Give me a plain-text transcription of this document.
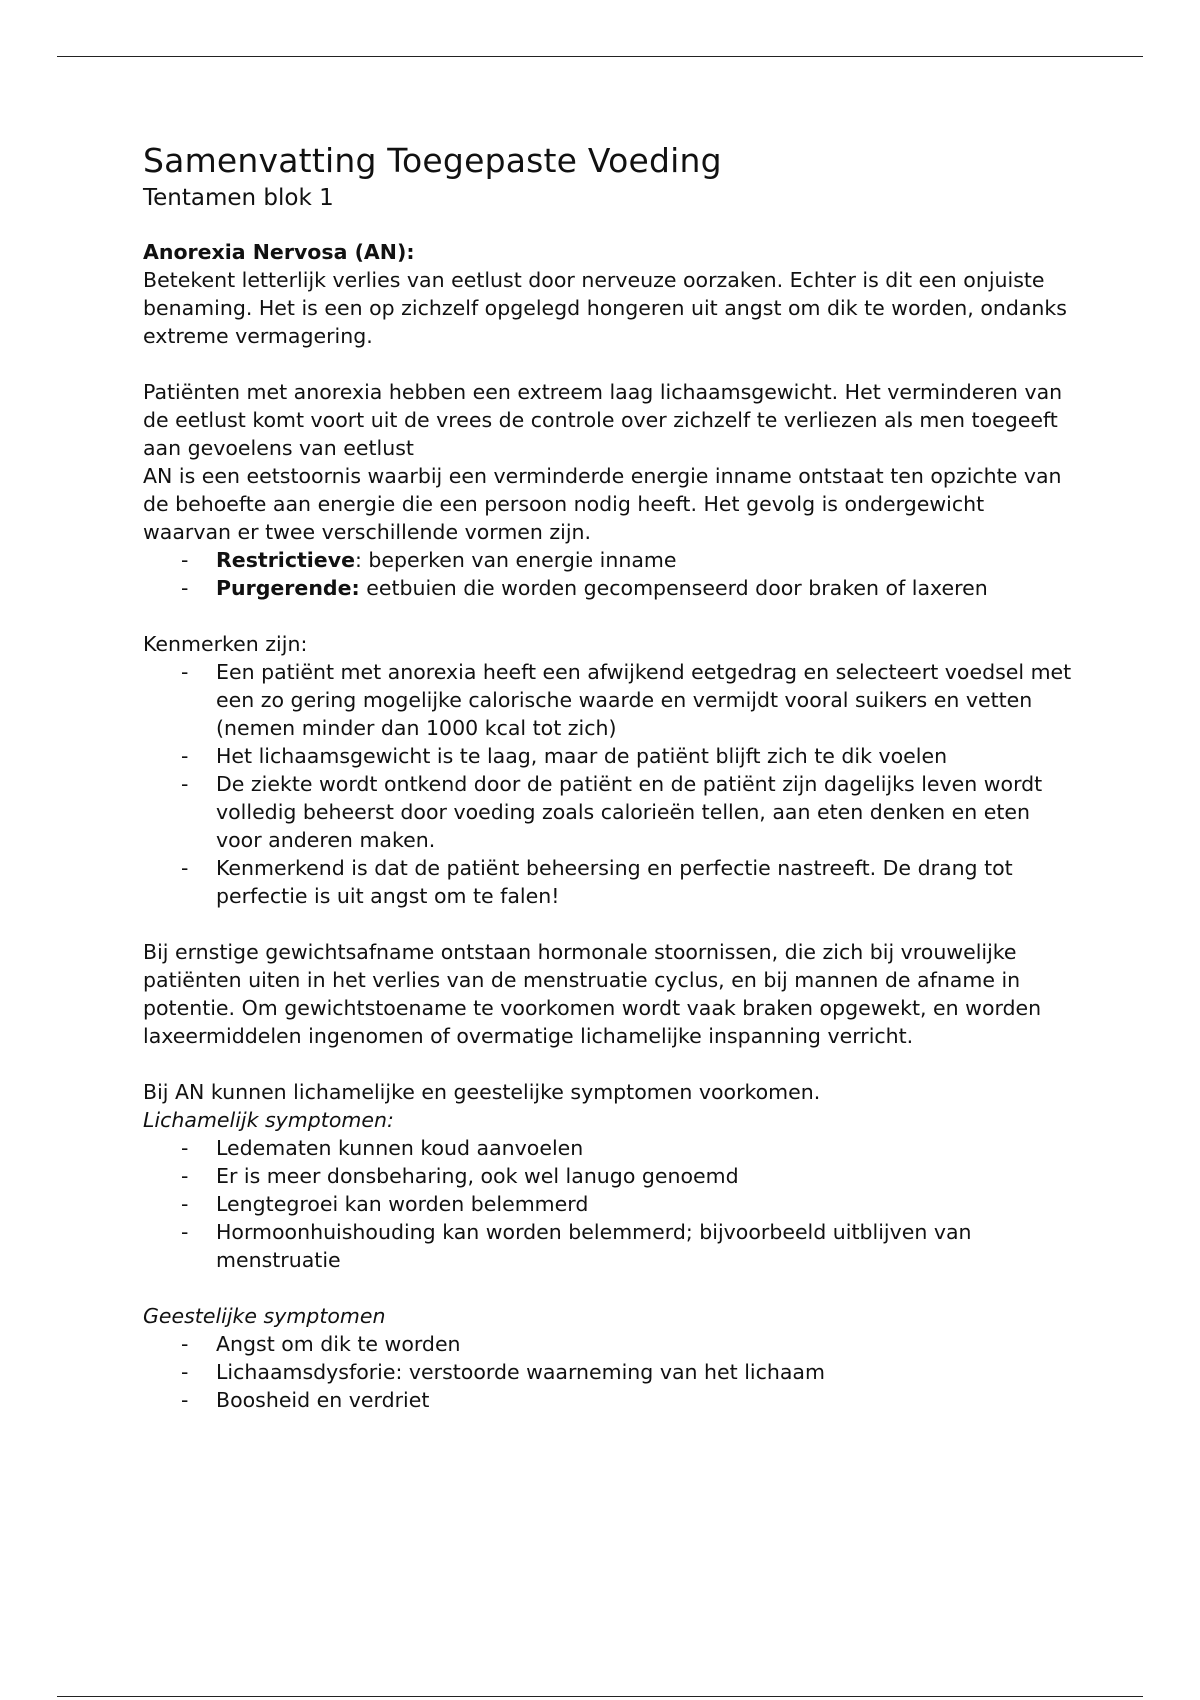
Samenvatting Toegepaste Voeding
Tentamen blok 1

Anorexia Nervosa (AN):

Betekent letterlijk verlies van eetlust door nerveuze oorzaken. Echter is dit een onjuiste benaming. Het is een op zichzelf opgelegd hongeren uit angst om dik te worden, ondanks extreme vermagering.

Patiënten met anorexia hebben een extreem laag lichaamsgewicht. Het verminderen van de eetlust komt voort uit de vrees de controle over zichzelf te verliezen als men toegeeft aan gevoelens van eetlust

AN is een eetstoornis waarbij een verminderde energie inname ontstaat ten opzichte van de behoefte aan energie die een persoon nodig heeft. Het gevolg is ondergewicht waarvan er twee verschillende vormen zijn.

- Restrictieve: beperken van energie inname
- Purgerende: eetbuien die worden gecompenseerd door braken of laxeren

Kenmerken zijn:

- Een patiënt met anorexia heeft een afwijkend eetgedrag en selecteert voedsel met een zo gering mogelijke calorische waarde en vermijdt vooral suikers en vetten (nemen minder dan 1000 kcal tot zich)
- Het lichaamsgewicht is te laag, maar de patiënt blijft zich te dik voelen
- De ziekte wordt ontkend door de patiënt en de patiënt zijn dagelijks leven wordt volledig beheerst door voeding zoals calorieën tellen, aan eten denken en eten voor anderen maken.
- Kenmerkend is dat de patiënt beheersing en perfectie nastreeft. De drang tot perfectie is uit angst om te falen!

Bij ernstige gewichtsafname ontstaan hormonale stoornissen, die zich bij vrouwelijke patiënten uiten in het verlies van de menstruatie cyclus, en bij mannen de afname in potentie. Om gewichtstoename te voorkomen wordt vaak braken opgewekt, en worden laxeermiddelen ingenomen of overmatige lichamelijke inspanning verricht.

Bij AN kunnen lichamelijke en geestelijke symptomen voorkomen.

Lichamelijk symptomen:

- Ledematen kunnen koud aanvoelen
- Er is meer donsbeharing, ook wel lanugo genoemd
- Lengtegroei kan worden belemmerd
- Hormoonhuishouding kan worden belemmerd; bijvoorbeeld uitblijven van menstruatie

Geestelijke symptomen

- Angst om dik te worden
- Lichaamsdysforie: verstoorde waarneming van het lichaam
- Boosheid en verdriet
